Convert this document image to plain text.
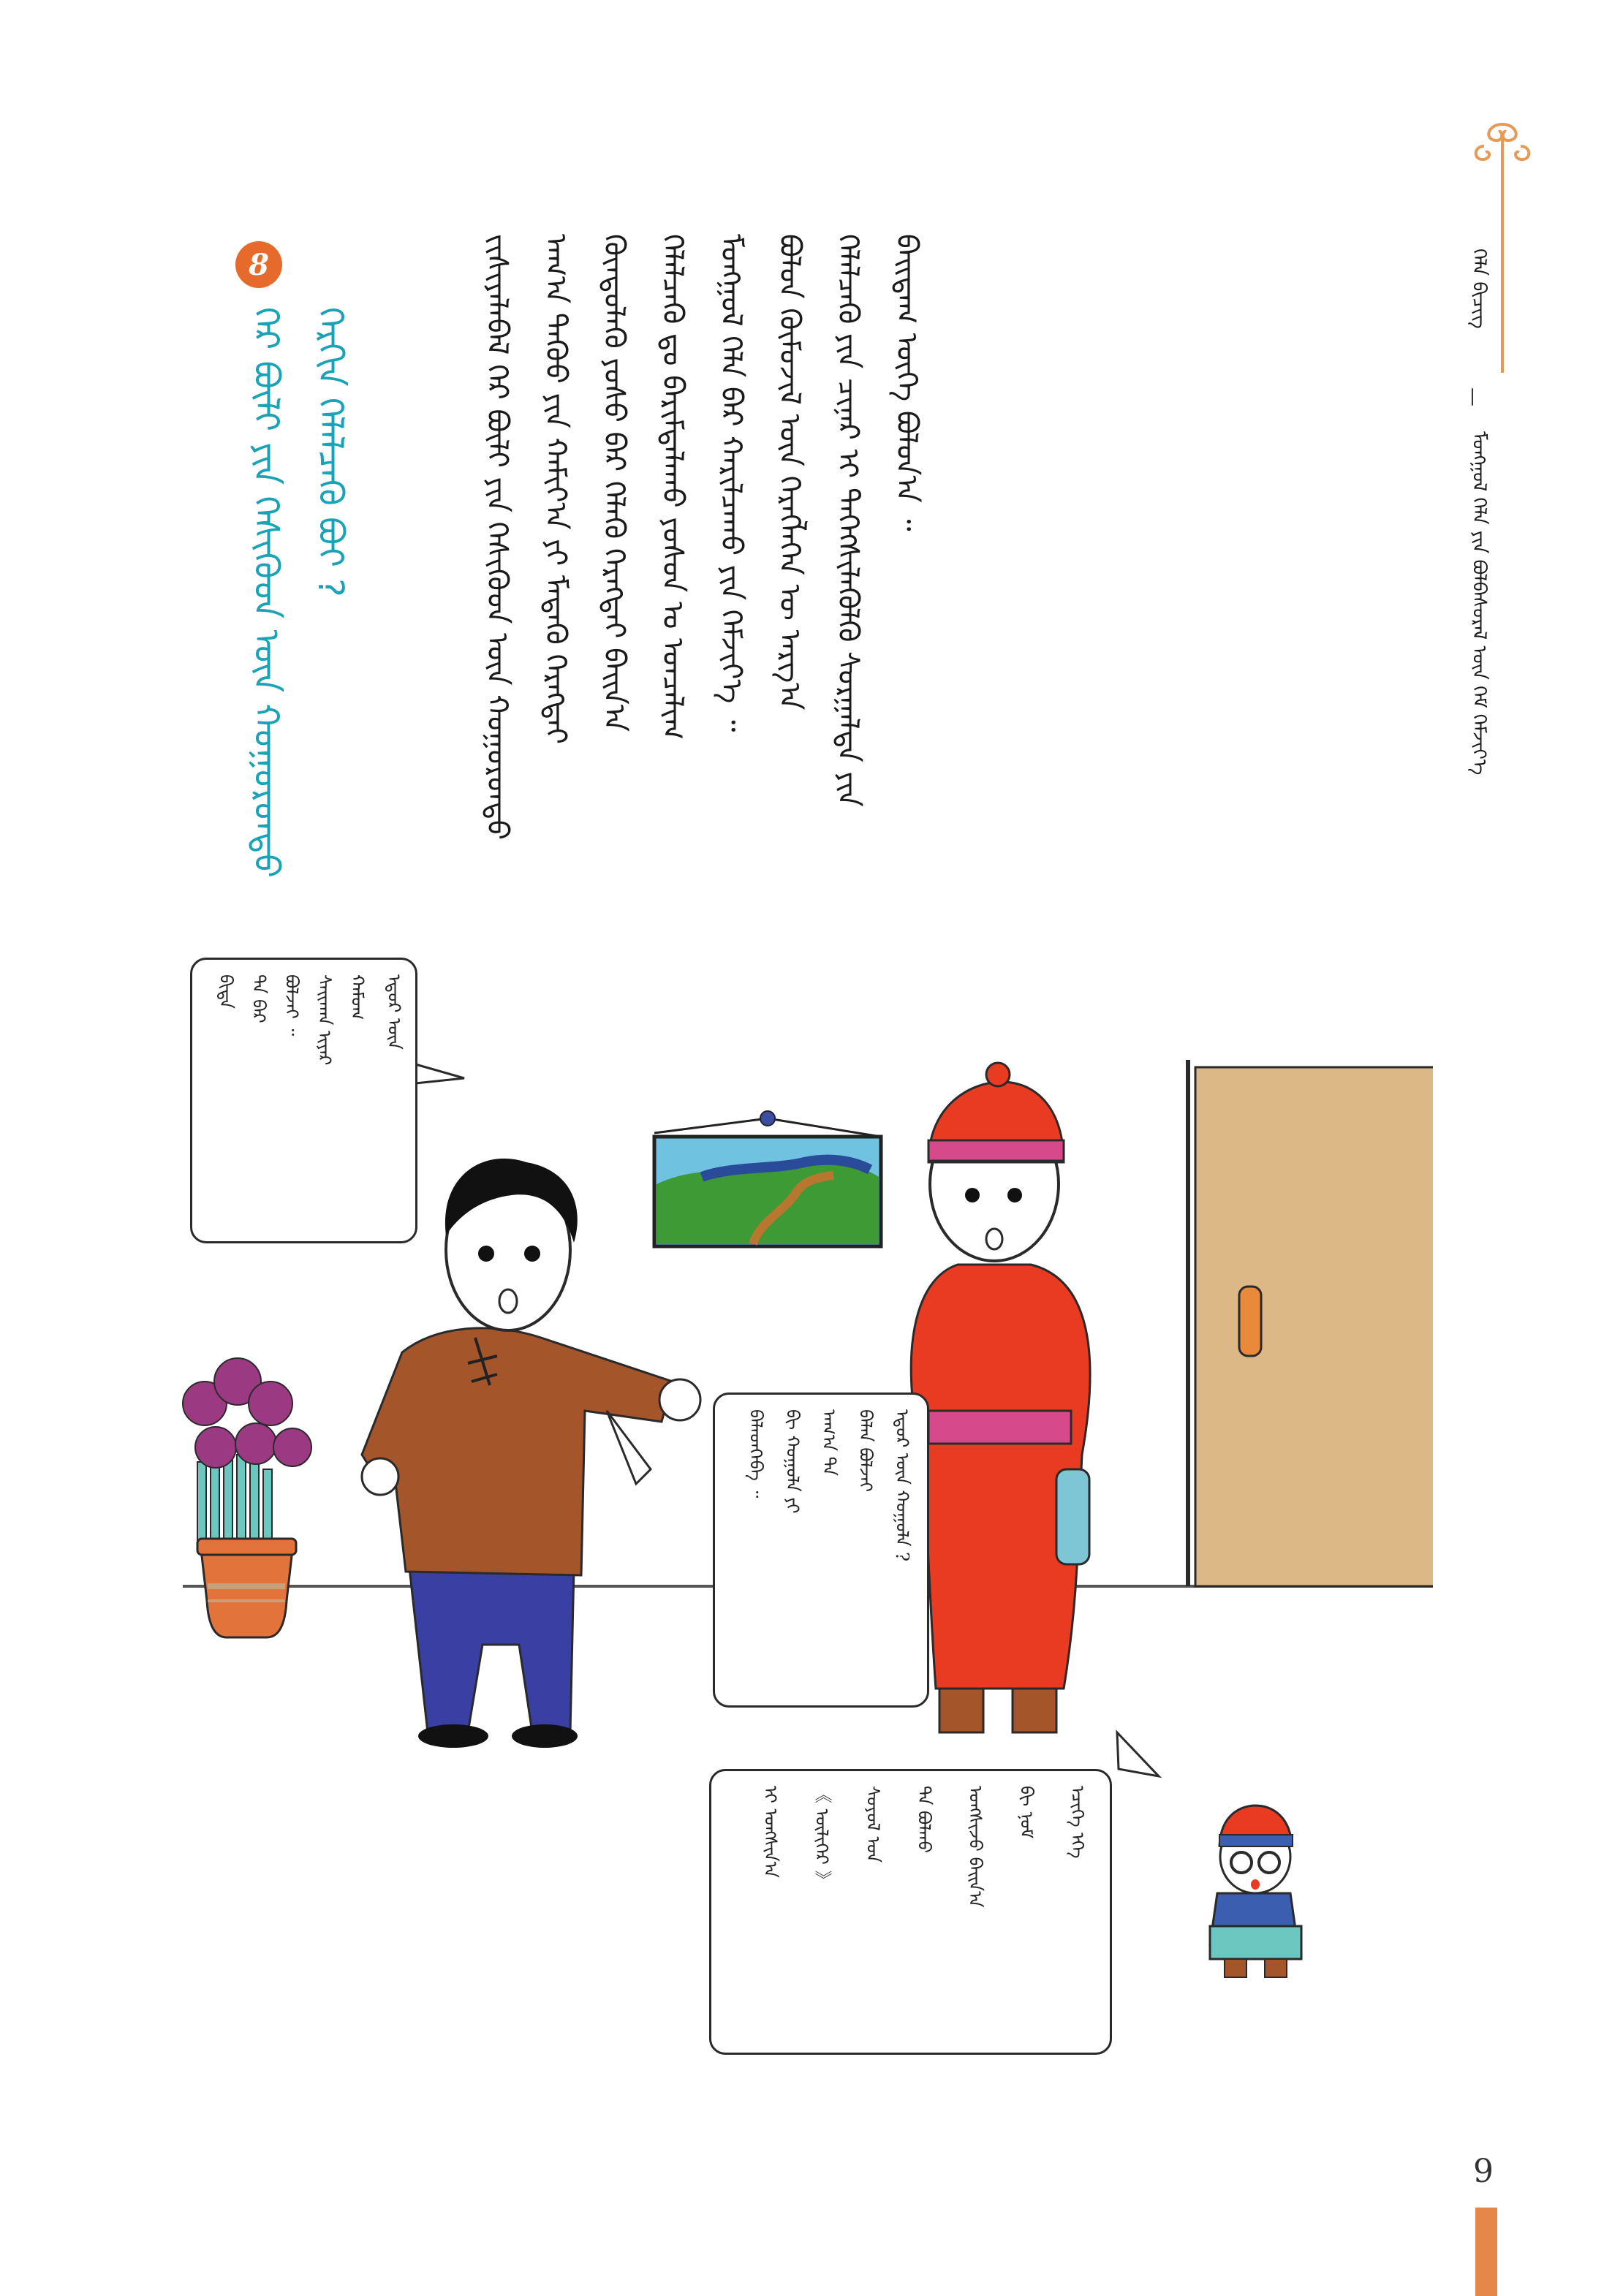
ᠮᠣᠩᠭᠤᠯ ᠬᠡᠯᠡ ᠶᠢᠨ ᠪᠣᠯᠪᠠᠰᠤᠷᠠᠯ ᠦᠨ ᠬᠡᠮ ᠬᠡᠮᠵᠢᠶ᠎ᠡ
—
ᠬᠡᠯᠡ ᠪᠢᠴᠢᠭ᠌
ᠪᠠᠢᠳᠠᠭ ᠦᠭᠡ ᠪᠣᠯᠤᠨ᠎ᠠ ᠃
ᠬᠡᠯᠡᠯᠴᠡᠬᠦ ᠶᠢᠨ ᠴᠢᠨᠠᠷ ᠢ ᠳᠡᠭᠡᠭᠰᠢᠯᠡᠭᠦᠯᠬᠦ ᠰᠤᠷᠭᠠᠯᠲᠠ ᠶᠢᠨ
ᠪᠣᠯᠤᠨ ᠬᠦᠮᠦᠵᠢᠯ ᠦᠨ ᠬᠡᠷᠡᠭᠯᠡᠭᠡᠨ ᠦ ᠠᠷᠭ᠎ᠠ
ᠮᠣᠩᠭᠤᠯ ᠬᠡᠯᠡ ᠪᠡᠷ ᠬᠠᠷᠢᠯᠴᠠᠬᠤ ᠶᠢᠨ ᠬᠡᠮᠵᠢᠶ᠎ᠡ ᠃
ᠬᠡᠯᠡᠯᠴᠡᠬᠦ ᠳᠤ ᠪᠠᠷᠢᠮᠲᠠᠯᠠᠬᠤ ᠶᠣᠰᠣᠨ ᠤ ᠣᠨᠴᠠᠯᠢᠭ
ᠬᠦᠨᠳᠦᠯᠡᠬᠦ ᠶᠣᠰᠣ ᠪᠡᠷ ᠬᠡᠯᠡᠬᠦ ᠬᠡᠷᠡᠭᠲᠡᠢ ᠪᠠᠢᠨ᠎ᠠ
ᠠᠬ᠎ᠠ ᠳᠡᠭᠦᠦ ᠶᠢᠨ ᠬᠠᠮᠢᠶ᠎ᠠ ᠶᠢ ᠮᠡᠳᠡᠬᠦ ᠬᠡᠷᠡᠭᠲᠡᠢ
ᠵᠢᠱᠢᠶᠡᠯᠡᠪᠡᠯ ᠭᠡᠷ ᠪᠦᠯᠢ ᠶᠢᠨ ᠭᠡᠰᠢᠭᠦᠳ ᠦᠨ ᠬᠣᠭᠣᠷᠤᠨᠳᠤ
8
ᠭᠡᠷ ᠪᠦᠯᠢ ᠶᠢᠨ ᠭᠡᠰᠢᠭᠦᠳ ᠦᠨ ᠬᠣᠭᠣᠷᠤᠨᠳᠤ ᠬᠡᠷᠬᠢᠨ ᠬᠡᠯᠡᠯᠴᠡᠬᠦ ᠪᠤᠢ ?
ᠡᠳᠦᠷ ᠦᠨ
ᠬᠠᠮᠤᠭ
ᠰᠠᠢᠬᠠᠨ ᠢᠶᠠᠷ
ᠪᠣᠯᠵᠠᠢ ᠃
ᠲᠠ ᠪᠠᠷ
ᠪᠢᠳᠡ
ᠡᠳᠦᠷ ᠦᠨ ᠬᠣᠭᠣᠯᠠ ?
ᠪᠡᠯᠡᠨ ᠪᠣᠯᠵᠠᠢ
ᠠᠬ᠎ᠠ ᠲᠠ
ᠪᠢ ᠬᠣᠭᠣᠯᠠ ᠶᠢ
ᠪᠡᠯᠡᠳᠬᠡᠪᠡ ᠃
ᠡᠴᠢᠭᠡ ᠡᠬᠡ
ᠪᠢ ᠨᠣᠮ
ᠤᠩᠰᠢᠵᠤ ᠪᠠᠢᠨ᠎ᠠ
ᠲᠠ ᠪᠣᠯᠬᠤ
ᠰᠣᠶᠣᠯ ᠤᠨ
《 ᠦᠯᠢᠭᠡᠷ 》
ᠢ ᠤᠩᠰᠢᠨ᠎ᠠ
9
